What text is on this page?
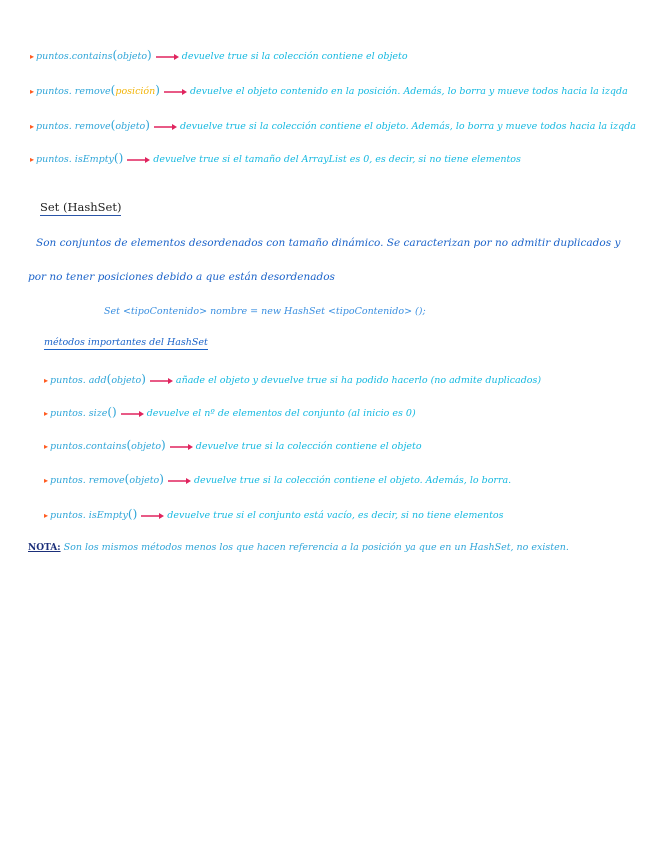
▸ puntos.contains(objeto)	devuelve true si la colección contiene el objeto
▸ puntos. remove(posición)	devuelve el objeto contenido en la posición. Además, lo borra y mueve todos hacia la izqda
▸ puntos. remove(objeto)	devuelve true si la colección contiene el objeto. Además, lo borra y mueve todos hacia la izqda
▸ puntos. isEmpty()	devuelve true si el tamaño del ArrayList es 0, es decir, si no tiene elementos
Set (HashSet)
Son conjuntos de elementos desordenados con tamaño dinámico. Se caracterizan por no admitir duplicados y
por no tener posiciones debido a que están desordenados
Set <tipoContenido> nombre = new HashSet <tipoContenido> ();
métodos importantes del HashSet
▸ puntos. add(objeto)	añade el objeto y devuelve true si ha podido hacerlo (no admite duplicados)
▸ puntos. size()	devuelve el nº de elementos del conjunto (al inicio es 0)
▸ puntos.contains(objeto)	devuelve true si la colección contiene el objeto
▸ puntos. remove(objeto)	devuelve true si la colección contiene el objeto. Además, lo borra.
▸ puntos. isEmpty()	devuelve true si el conjunto está vacío, es decir, si no tiene elementos
NOTA: Son los mismos métodos menos los que hacen referencia a la posición ya que en un HashSet, no existen.
